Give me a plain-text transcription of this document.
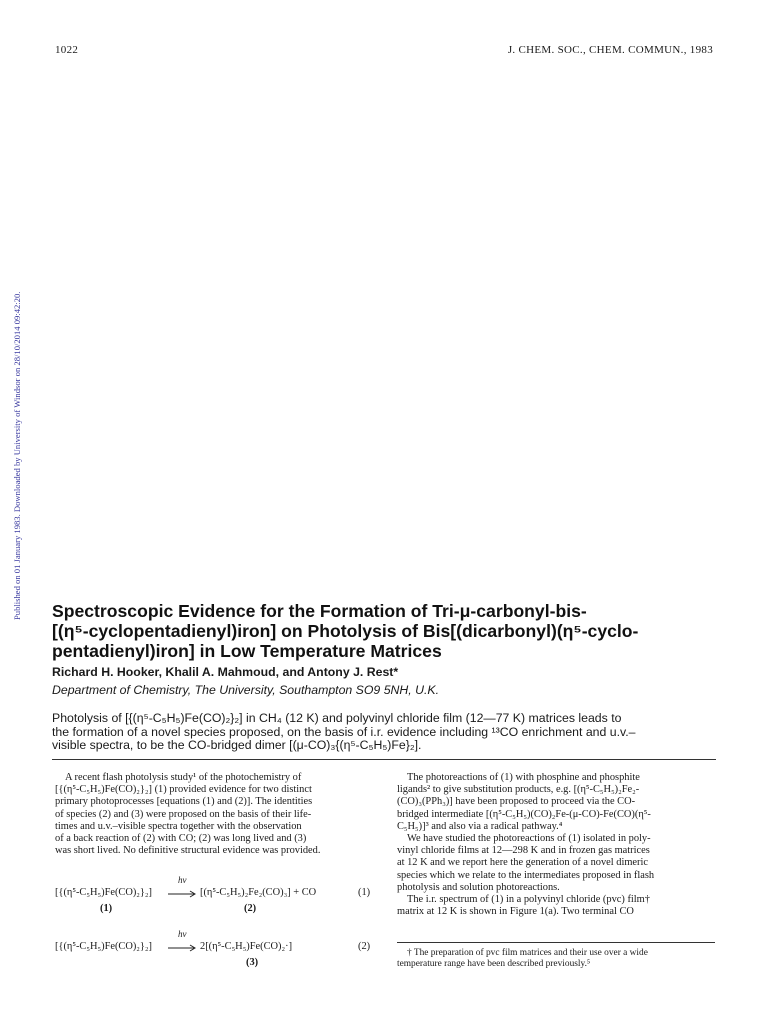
1022	J. CHEM. SOC., CHEM. COMMUN., 1983
Published on 01 January 1983. Downloaded by University of Windsor on 28/10/2014 09:42:20. Spectroscopic Evidence for the Formation of Tri-μ-carbonyl-bis-
[(η⁵-cyclopentadienyl)iron] on Photolysis of Bis[(dicarbonyl)(η⁵-cyclo-
pentadienyl)iron] in Low Temperature Matrices
Richard H. Hooker, Khalil A. Mahmoud, and Antony J. Rest*
Department of Chemistry, The University, Southampton SO9 5NH, U.K.
Photolysis of [{(η⁵-C₅H₅)Fe(CO)₂}₂] in CH₄ (12 K) and polyvinyl chloride film (12—77 K) matrices leads to
the formation of a novel species proposed, on the basis of i.r. evidence including ¹³CO enrichment and u.v.–
visible spectra, to be the CO-bridged dimer [(μ-CO)₃{(η⁵-C₅H₅)Fe}₂].
A recent flash photolysis study¹ of the photochemistry of
[{(η⁵-C₅H₅)Fe(CO)₂}₂] (1) provided evidence for two distinct
primary photoprocesses [equations (1) and (2)]. The identities
of species (2) and (3) were proposed on the basis of their life-
times and u.v.–visible spectra together with the observation
of a back reaction of (2) with CO; (2) was long lived and (3)
was short lived. No definitive structural evidence was provided.
hν
[{(η⁵-C₅H₅)Fe(CO)₂}₂] → [(η⁵-C₅H₅)₂Fe₂(CO)₃] + CO	(1)
(1)	(2)
hν
[{(η⁵-C₅H₅)Fe(CO)₂}₂] → 2[(η⁵-C₅H₅)Fe(CO)₂·]	(2)
(3)
The photoreactions of (1) with phosphine and phosphite
ligands² to give substitution products, e.g. [(η⁵-C₅H₅)₂Fe₂-
(CO)₃(PPh₃)] have been proposed to proceed via the CO-
bridged intermediate [(η⁵-C₅H₅)(CO)₂Fe-(μ-CO)-Fe(CO)(η⁵-
C₅H₅)]³ and also via a radical pathway.⁴
We have studied the photoreactions of (1) isolated in poly-
vinyl chloride films at 12—298 K and in frozen gas matrices
at 12 K and we report here the generation of a novel dimeric
species which we relate to the intermediates proposed in flash
photolysis and solution photoreactions.
The i.r. spectrum of (1) in a polyvinyl chloride (pvc) film†
matrix at 12 K is shown in Figure 1(a). Two terminal CO
† The preparation of pvc film matrices and their use over a wide
temperature range have been described previously.⁵
